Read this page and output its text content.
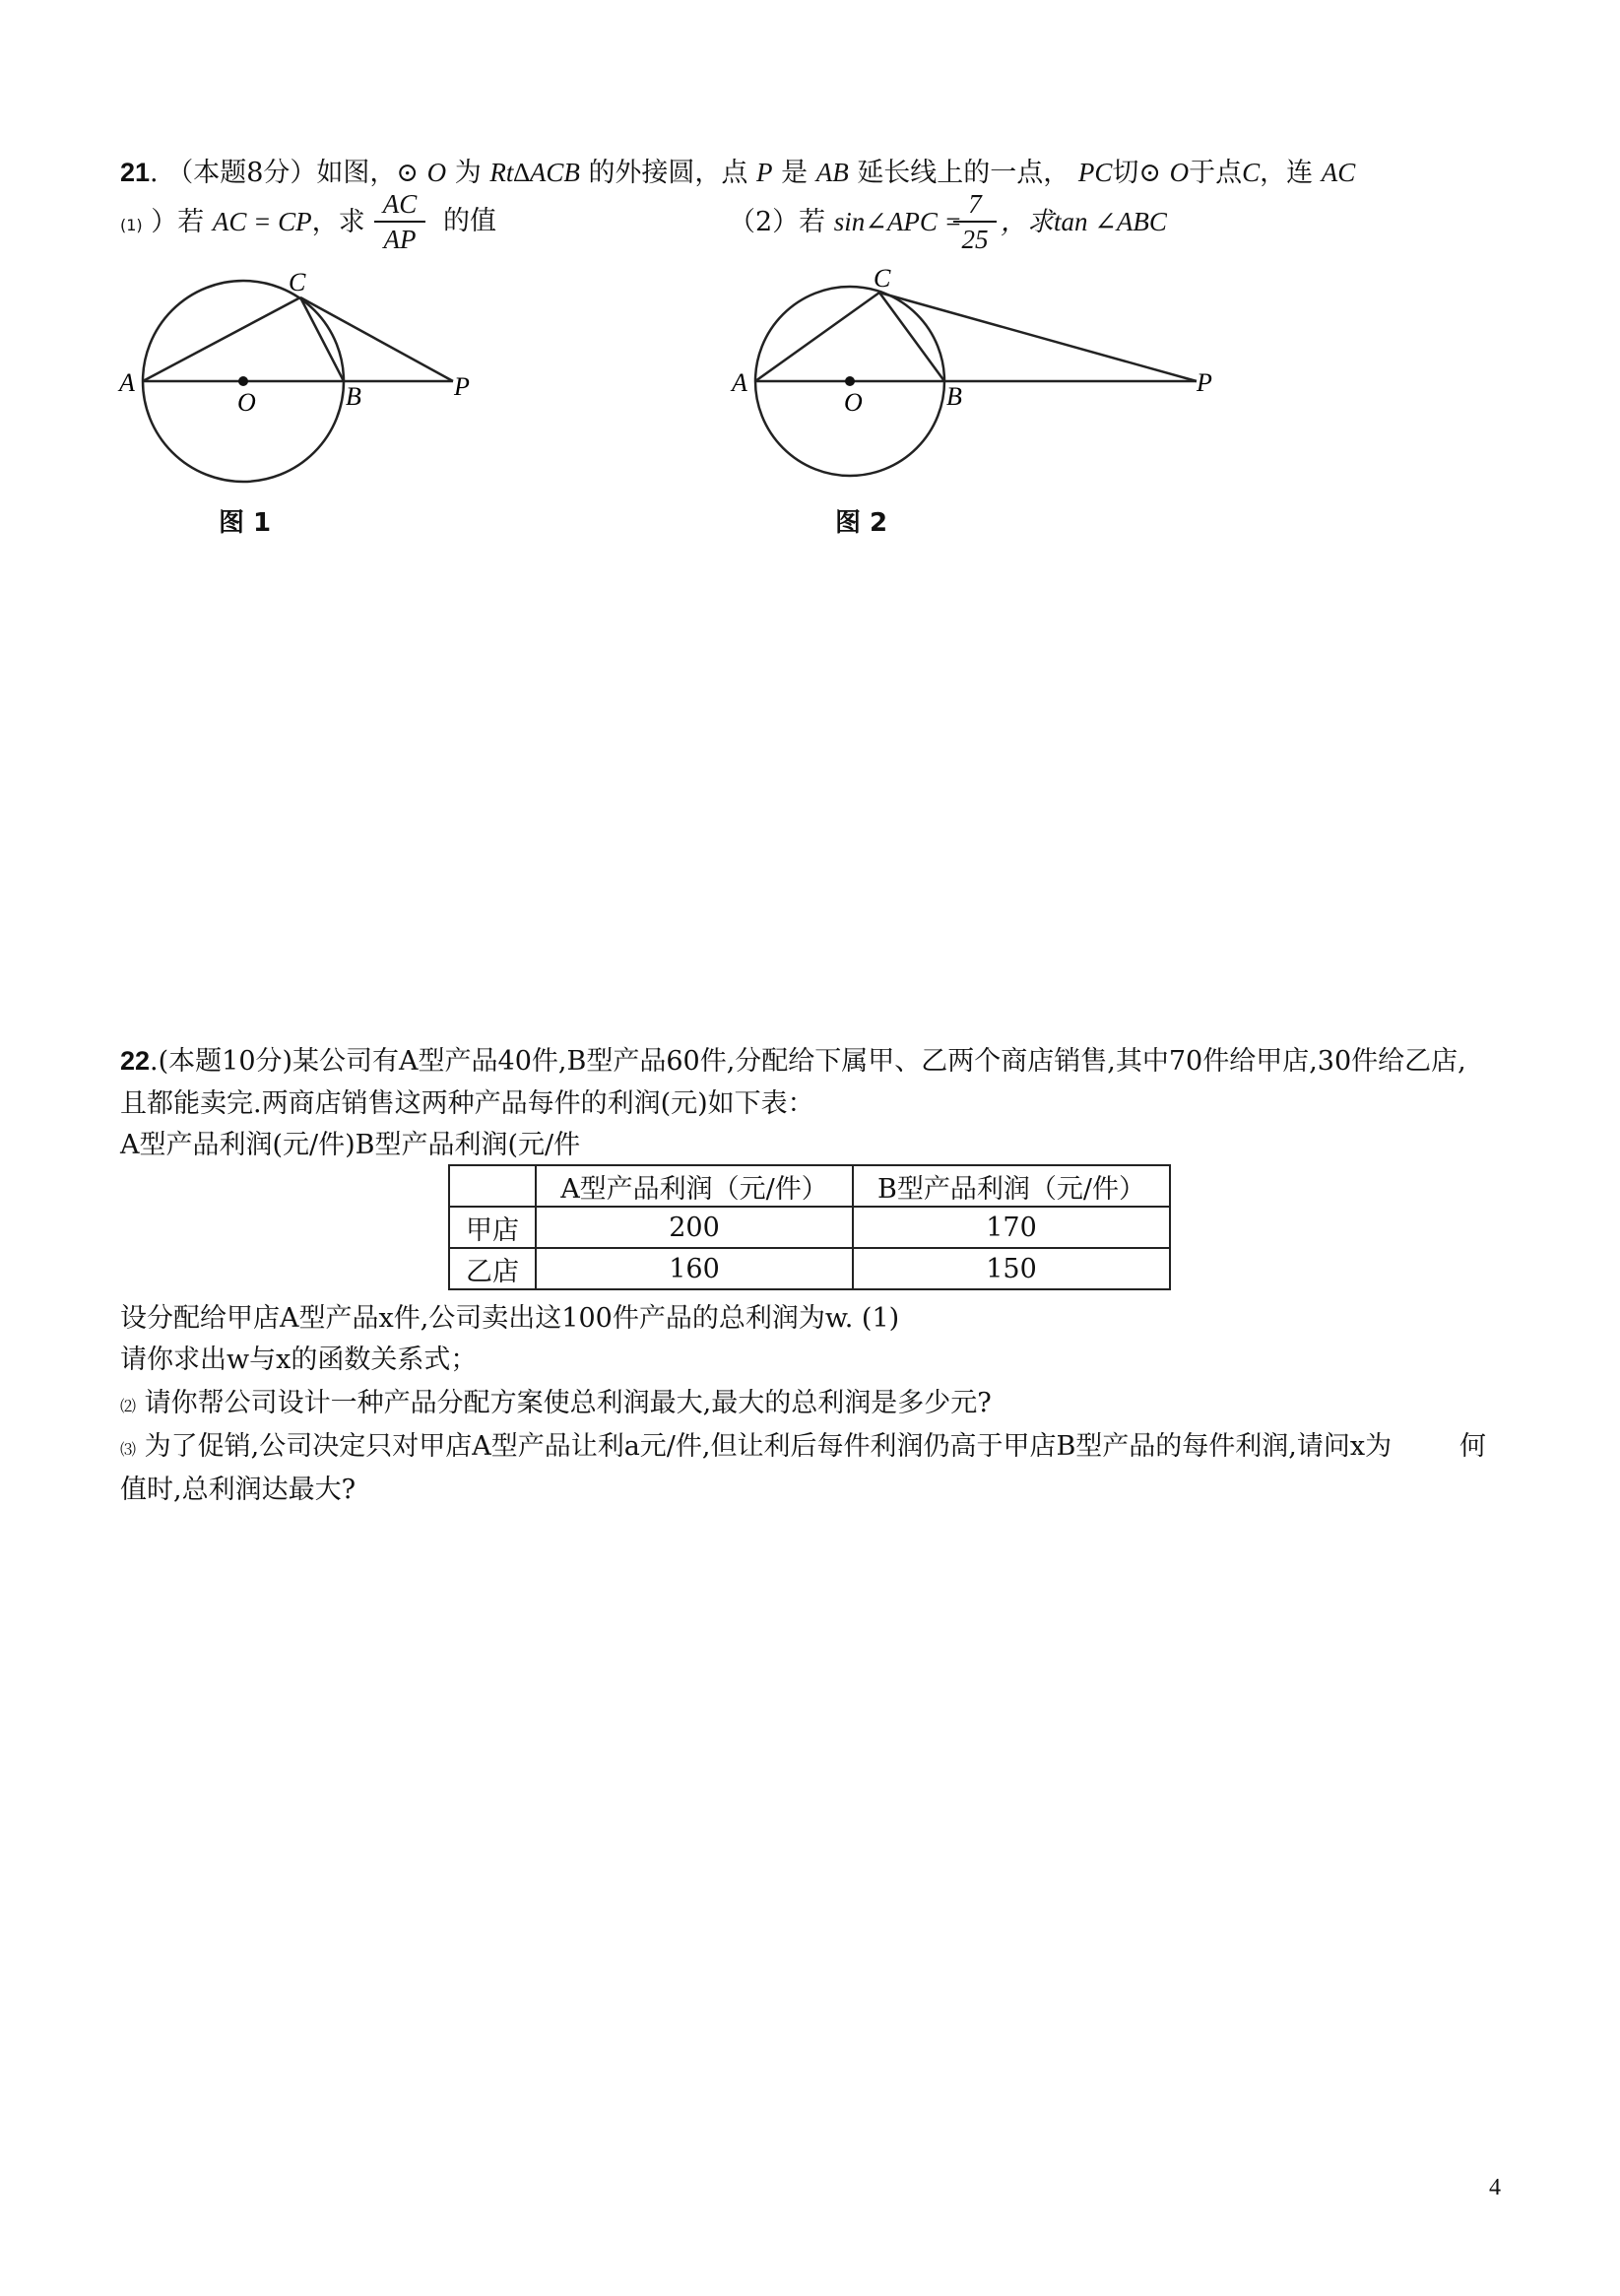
21. （本题8分）如图，⊙ O 为 Rt∆ACB 的外接圆，点 P 是 AB 延长线上的一点， PC切⊙ O于点C，连 AC
(1) ）若 AC = CP，求
AC
AP
的值	（2）若 sin∠APC =
7
25
，求tan ∠ABC
A
C
O	B	P
图 1
A
C
O	B	P
图 2
22.(本题10分)某公司有A型产品40件,B型产品60件,分配给下属甲、乙两个商店销售,其中70件给甲店,30件给乙店,
且都能卖完.两商店销售这两种产品每件的利润(元)如下表：
A型产品利润(元/件)B型产品利润(元/件
	A型产品利润（元/件）	B型产品利润（元/件）
甲店	200	170
乙店	160	150
设分配给甲店A型产品x件,公司卖出这100件产品的总利润为w. (1)
请你求出w与x的函数关系式；
⑵ 请你帮公司设计一种产品分配方案使总利润最大,最大的总利润是多少元?
⑶ 为了促销,公司决定只对甲店A型产品让利a元/件,但让利后每件利润仍高于甲店B型产品的每件利润,请问x为	何
值时,总利润达最大?
4
